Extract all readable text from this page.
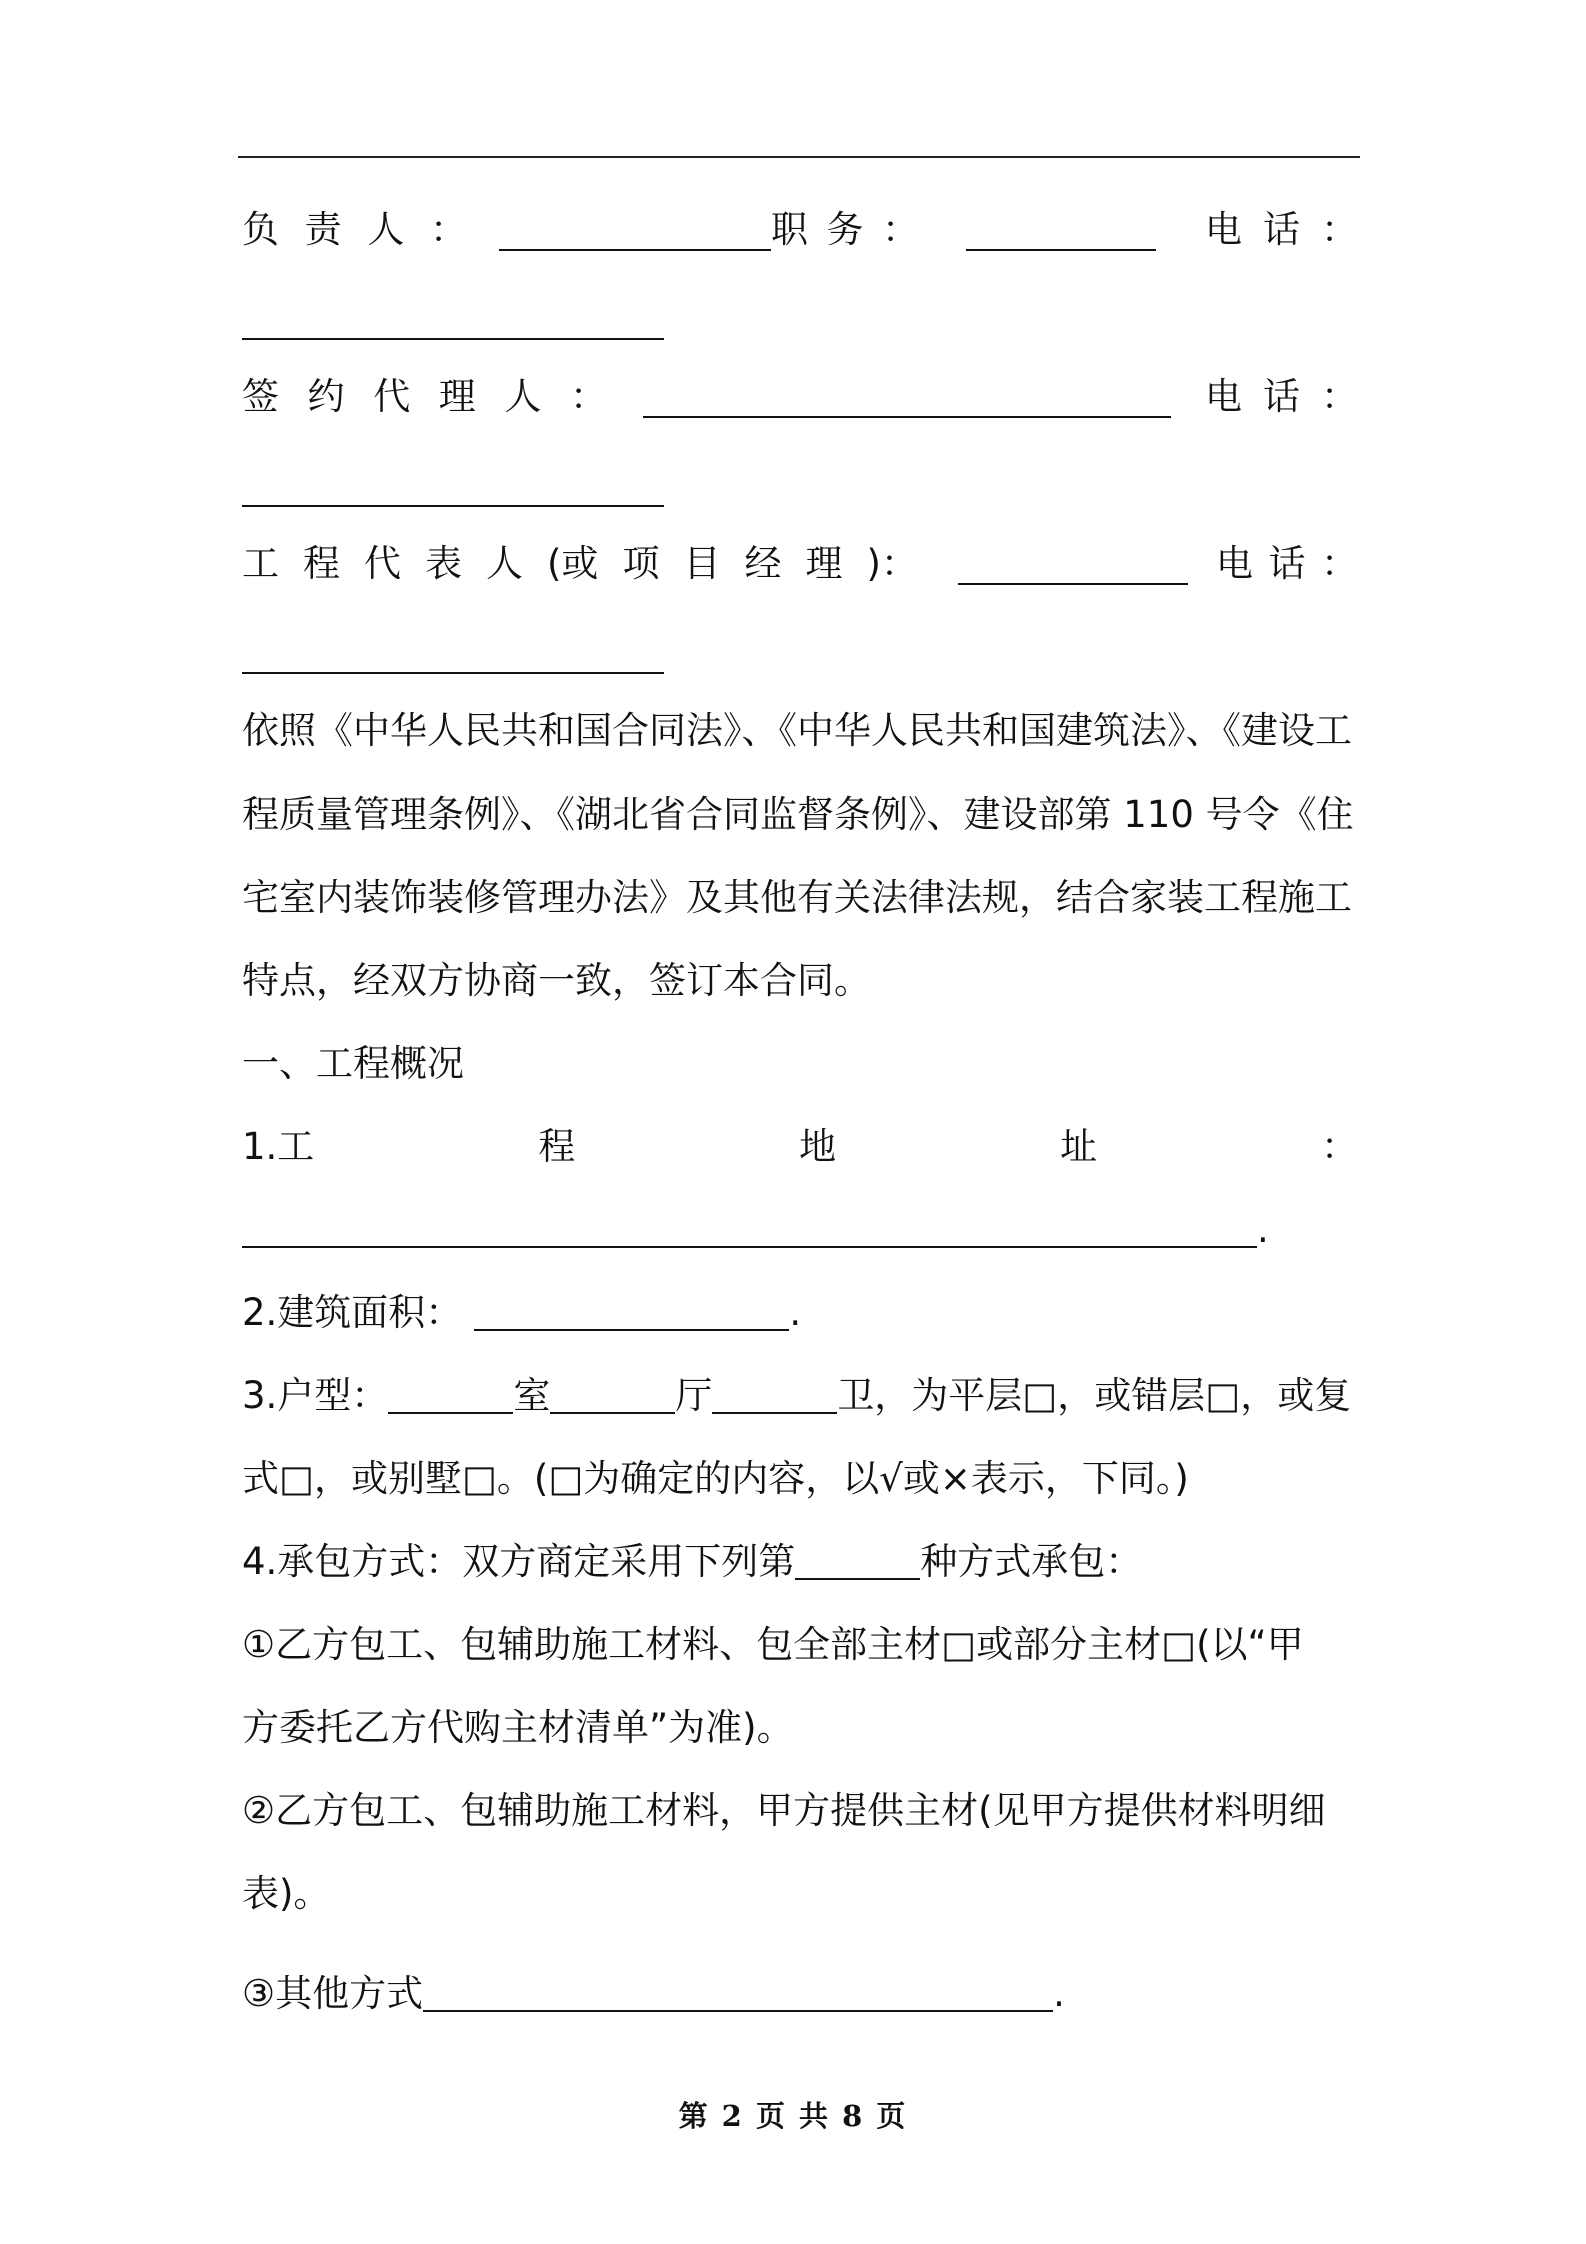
负 责 人 ：	职 务 ：	电 话 ：
签 约 代 理 人 ：	电 话 ：
工 程 代 表 人 (或 项 目 经 理 )：	电 话 ：
依照《中华人民共和国合同法》、《中华人民共和国建筑法》、《建设工
程质量管理条例》、《湖北省合同监督条例》、建设部第 110 号令《住
宅室内装饰装修管理办法》及其他有关法律法规，结合家装工程施工
特点，经双方协商一致，签订本合同。
一、工程概况
1.工	程	地	址	：
.
2.建筑面积：	.
3.户型：	室	厅	卫，为平层□，或错层□，或复
式□，或别墅□。(□为确定的内容，以√或×表示，下同。)
4.承包方式：双方商定采用下列第	种方式承包：
①乙方包工、包辅助施工材料、包全部主材□或部分主材□(以“甲
方委托乙方代购主材清单”为准)。
②乙方包工、包辅助施工材料，甲方提供主材(见甲方提供材料明细
表)。
③其他方式	.
第 2 页 共 8 页
